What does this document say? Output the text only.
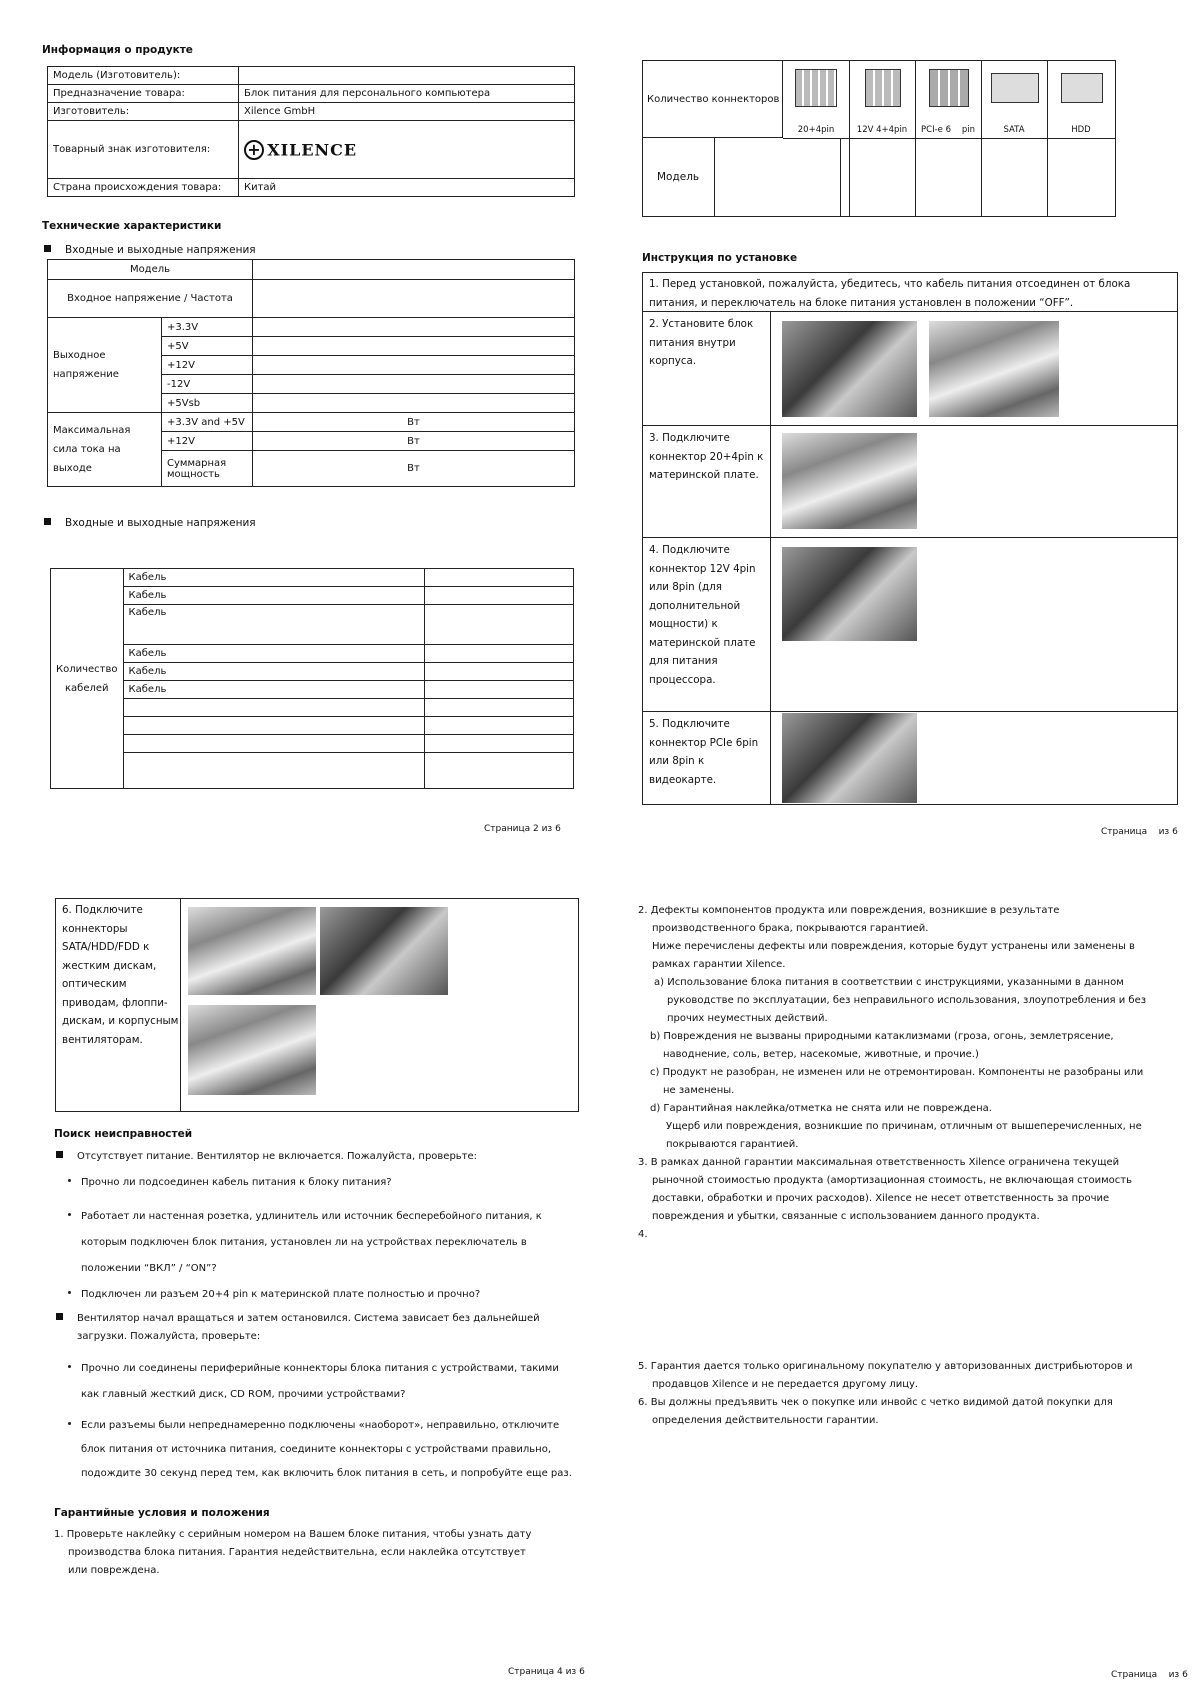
Информация о продукте
Модель (Изготовитель):	
Предназначение товара:	Блок питания для персонального компьютера
Изготовитель:	Xilence GmbH
Товарный знак изготовителя:	+ XILENCE
Страна происхождения товара:	Китай
Технические характеристики
Входные и выходные напряжения
Модель				
Входное напряжение / Частота				
Выходное напряжение	+3.3V			
	+5V			
	+12V			
	-12V			
	+5Vsb			
Максимальная сила тока на выходе	+3.3V and +5V	Вт		
	+12V	Вт		
	Суммарная мощность	Вт		
Входные и выходные напряжения
Количество кабелей	Кабель	
	Кабель	
	Кабель	
	Кабель	
	Кабель	
	Кабель	

Страница 2 из 6
Количество коннекторов
Модель
20+4pin	12V 4+4pin	PCI-e 6    pin	SATA	HDD
Инструкция по установке
1. Перед установкой, пожалуйста, убедитесь, что кабель питания отсоединен от блока питания, и переключатель на блоке питания установлен в положении “OFF”.
2. Установите блок питания внутри корпуса.
3. Подключите коннектор 20+4pin к материнской плате.
4. Подключите коннектор 12V 4pin или 8pin (для дополнительной мощности) к материнской плате для питания процессора.
5. Подключите коннектор PCIe 6pin или 8pin к видеокарте.
Страница    из 6
6. Подключите коннекторы SATA/HDD/FDD к жестким дискам, оптическим приводам, флоппи-дискам, и корпусным вентиляторам.
Поиск неисправностей

Отсутствует питание. Вентилятор не включается. Пожалуйста, проверьте:

Прочно ли подсоединен кабель питания к блоку питания?

Работает ли настенная розетка, удлинитель или источник бесперебойного питания, к которым подключен блок питания, установлен ли на устройствах переключатель в положении “ВКЛ” / “ON”?

Подключен ли разъем 20+4 pin к материнской плате полностью и прочно?

Вентилятор начал вращаться и затем остановился. Система зависает без дальнейшей загрузки. Пожалуйста, проверьте:

Прочно ли соединены периферийные коннекторы блока питания с устройствами, такими как главный жесткий диск, CD ROM, прочими устройствами?

Если разъемы были непреднамеренно подключены «наоборот», неправильно, отключите блок питания от источника питания, соедините коннекторы с устройствами правильно, подождите 30 секунд перед тем, как включить блок питания в сеть, и попробуйте еще раз.

Гарантийные условия и положения
1. Проверьте наклейку с серийным номером на Вашем блоке питания, чтобы узнать дату производства блока питания. Гарантия недействительна, если наклейка отсутствует или повреждена.
Страница 4 из 6

2. Дефекты компонентов продукта или повреждения, возникшие в результате производственного брака, покрываются гарантией.

Ниже перечислены дефекты или повреждения, которые будут устранены или заменены в рамках гарантии Xilence.

a) Использование блока питания в соответствии с инструкциями, указанными в данном руководстве по эксплуатации, без неправильного использования, злоупотребления и без прочих неуместных действий.

b) Повреждения не вызваны природными катаклизмами (гроза, огонь, землетрясение, наводнение, соль, ветер, насекомые, животные, и прочие.)

c) Продукт не разобран, не изменен или не отремонтирован. Компоненты не разобраны или не заменены.

d) Гарантийная наклейка/отметка не снята или не повреждена.

Ущерб или повреждения, возникшие по причинам, отличным от вышеперечисленных, не покрываются гарантией.

3. В рамках данной гарантии максимальная ответственность Xilence ограничена текущей рыночной стоимостью продукта (амортизационная стоимость, не включающая стоимость доставки, обработки и прочих расходов). Xilence не несет ответственность за прочие повреждения и убытки, связанные с использованием данного продукта.

4.

5. Гарантия дается только оригинальному покупателю у авторизованных дистрибьюторов и продавцов Xilence и не передается другому лицу.

6. Вы должны предъявить чек о покупке или инвойс с четко видимой датой покупки для определения действительности гарантии.

Страница    из 6
